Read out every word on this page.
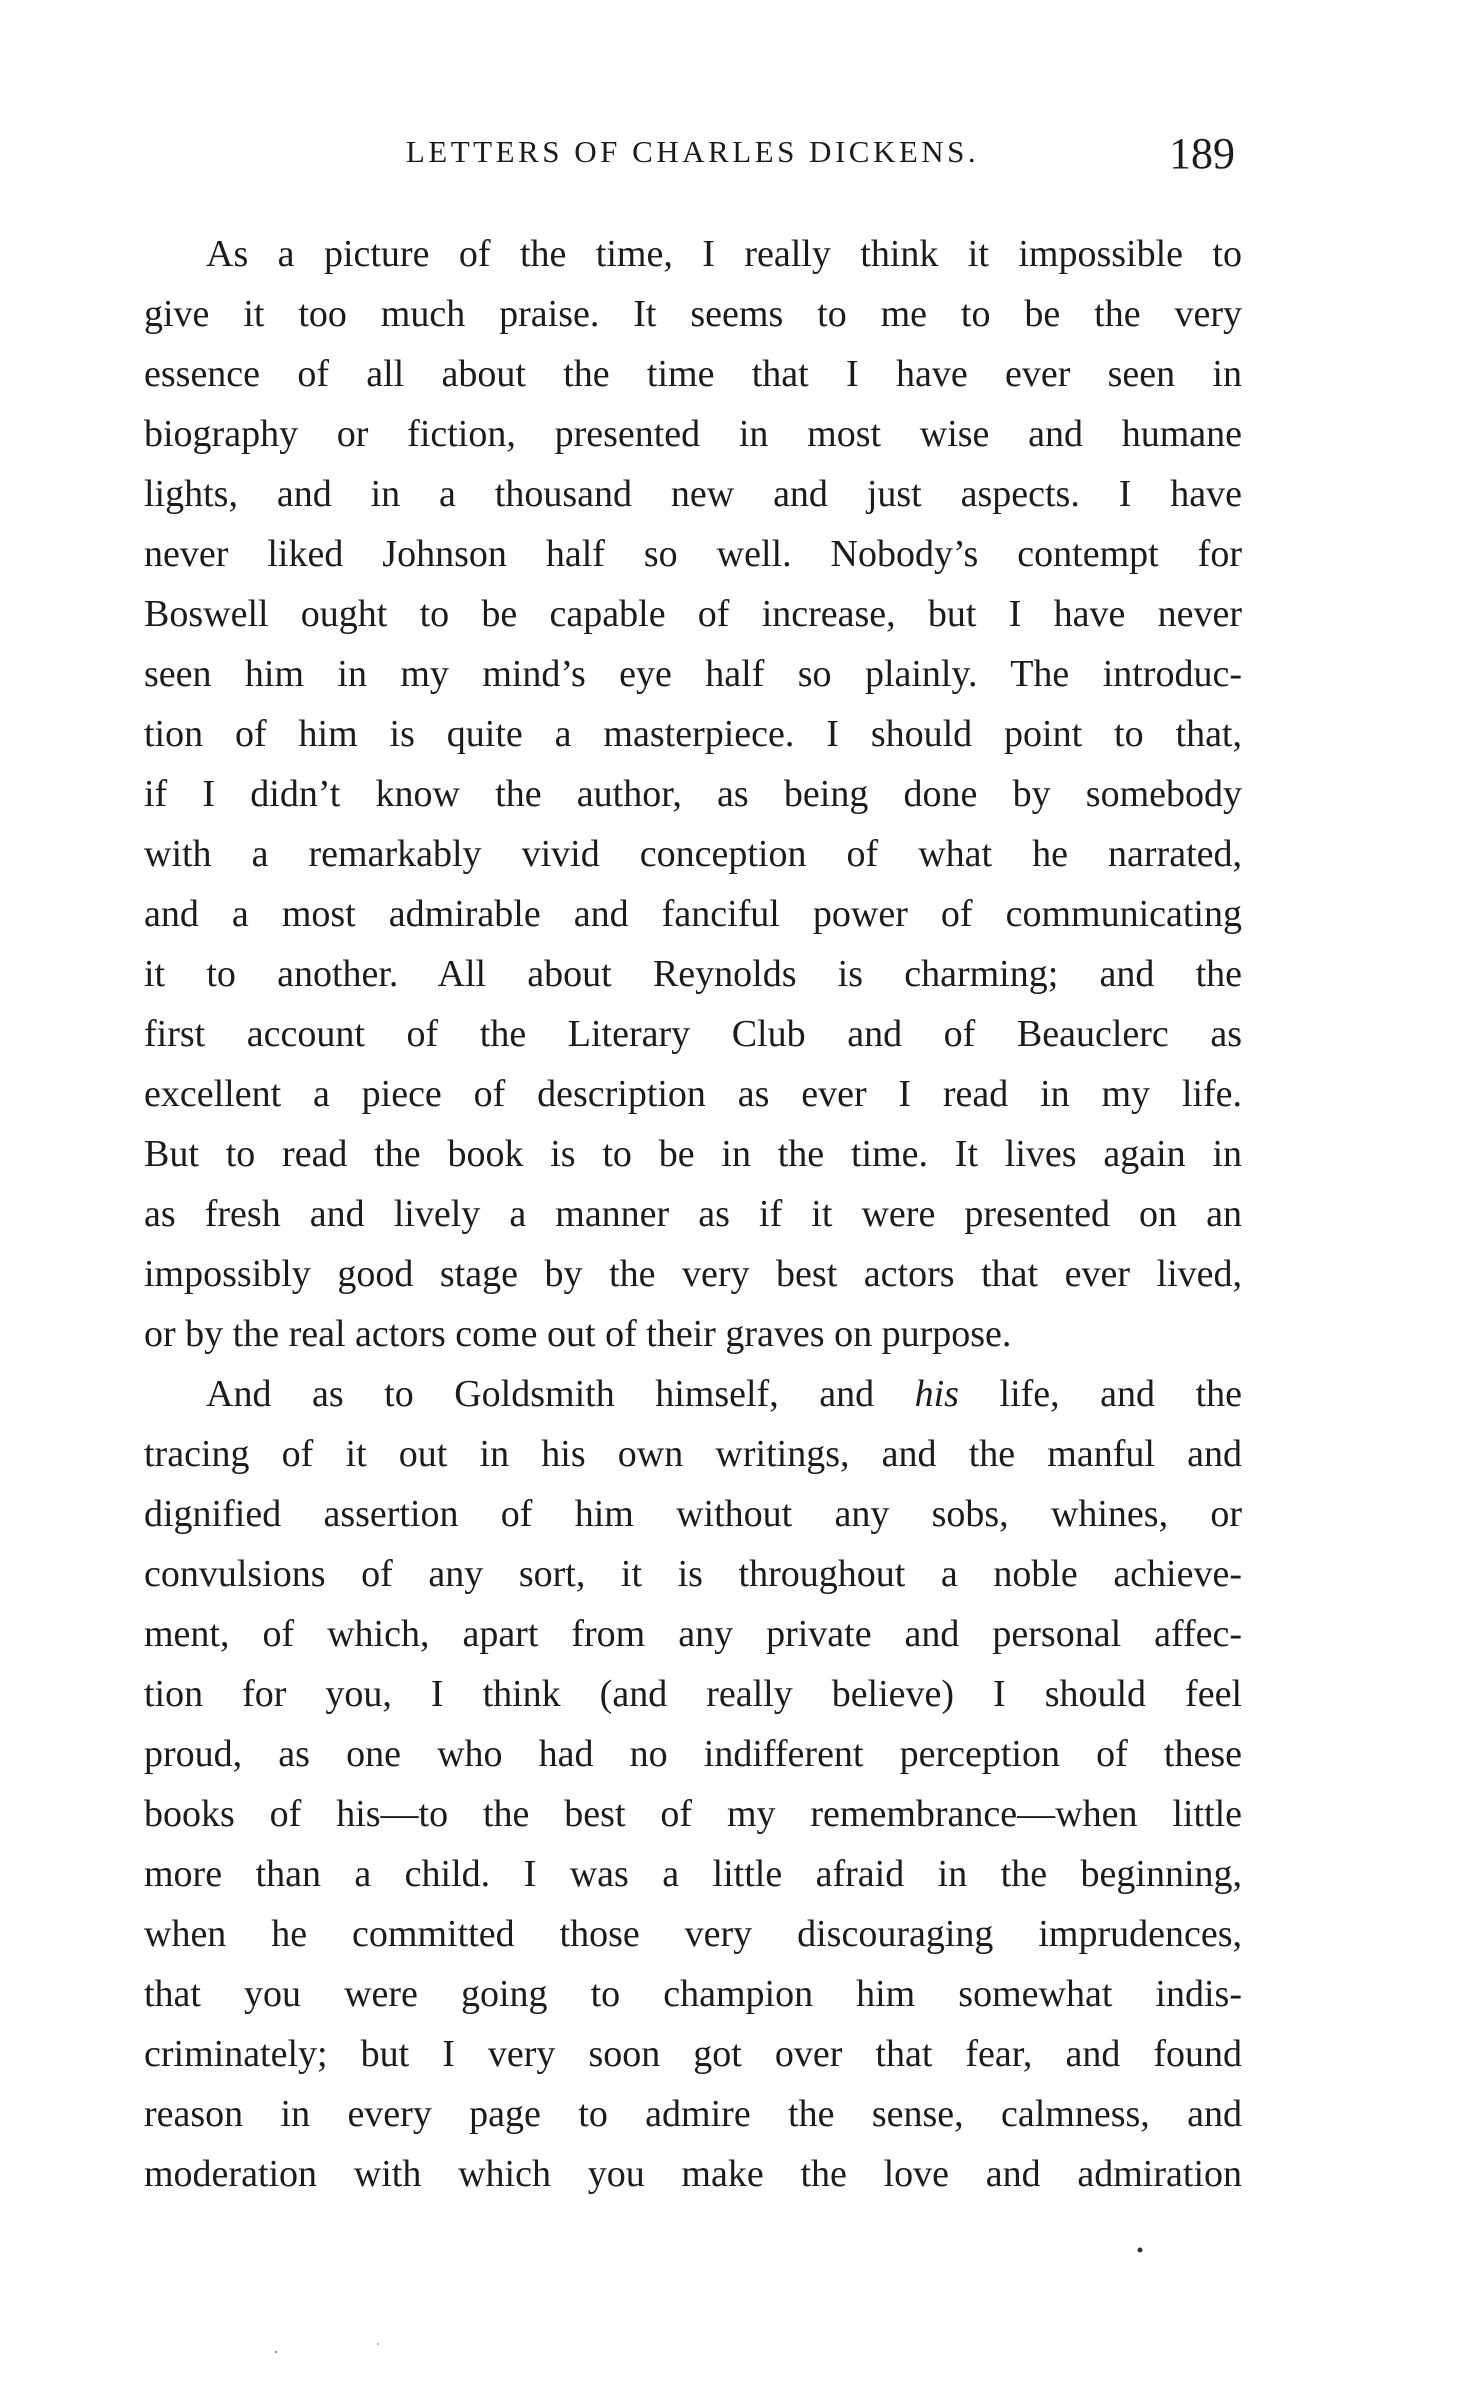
LETTERS OF CHARLES DICKENS.	189
As a picture of the time, I really think it impossible to
give it too much praise. It seems to me to be the very
essence of all about the time that I have ever seen in
biography or fiction, presented in most wise and humane
lights, and in a thousand new and just aspects. I have
never liked Johnson half so well. Nobody’s contempt for
Boswell ought to be capable of increase, but I have never
seen him in my mind’s eye half so plainly. The introduc-
tion of him is quite a masterpiece. I should point to that,
if I didn’t know the author, as being done by somebody
with a remarkably vivid conception of what he narrated,
and a most admirable and fanciful power of communicating
it to another. All about Reynolds is charming; and the
first account of the Literary Club and of Beauclerc as
excellent a piece of description as ever I read in my life.
But to read the book is to be in the time. It lives again in
as fresh and lively a manner as if it were presented on an
impossibly good stage by the very best actors that ever lived,
or by the real actors come out of their graves on purpose.
And as to Goldsmith himself, and his life, and the
tracing of it out in his own writings, and the manful and
dignified assertion of him without any sobs, whines, or
convulsions of any sort, it is throughout a noble achieve-
ment, of which, apart from any private and personal affec-
tion for you, I think (and really believe) I should feel
proud, as one who had no indifferent perception of these
books of his—to the best of my remembrance—when little
more than a child. I was a little afraid in the beginning,
when he committed those very discouraging imprudences,
that you were going to champion him somewhat indis-
criminately; but I very soon got over that fear, and found
reason in every page to admire the sense, calmness, and
moderation with which you make the love and admiration
